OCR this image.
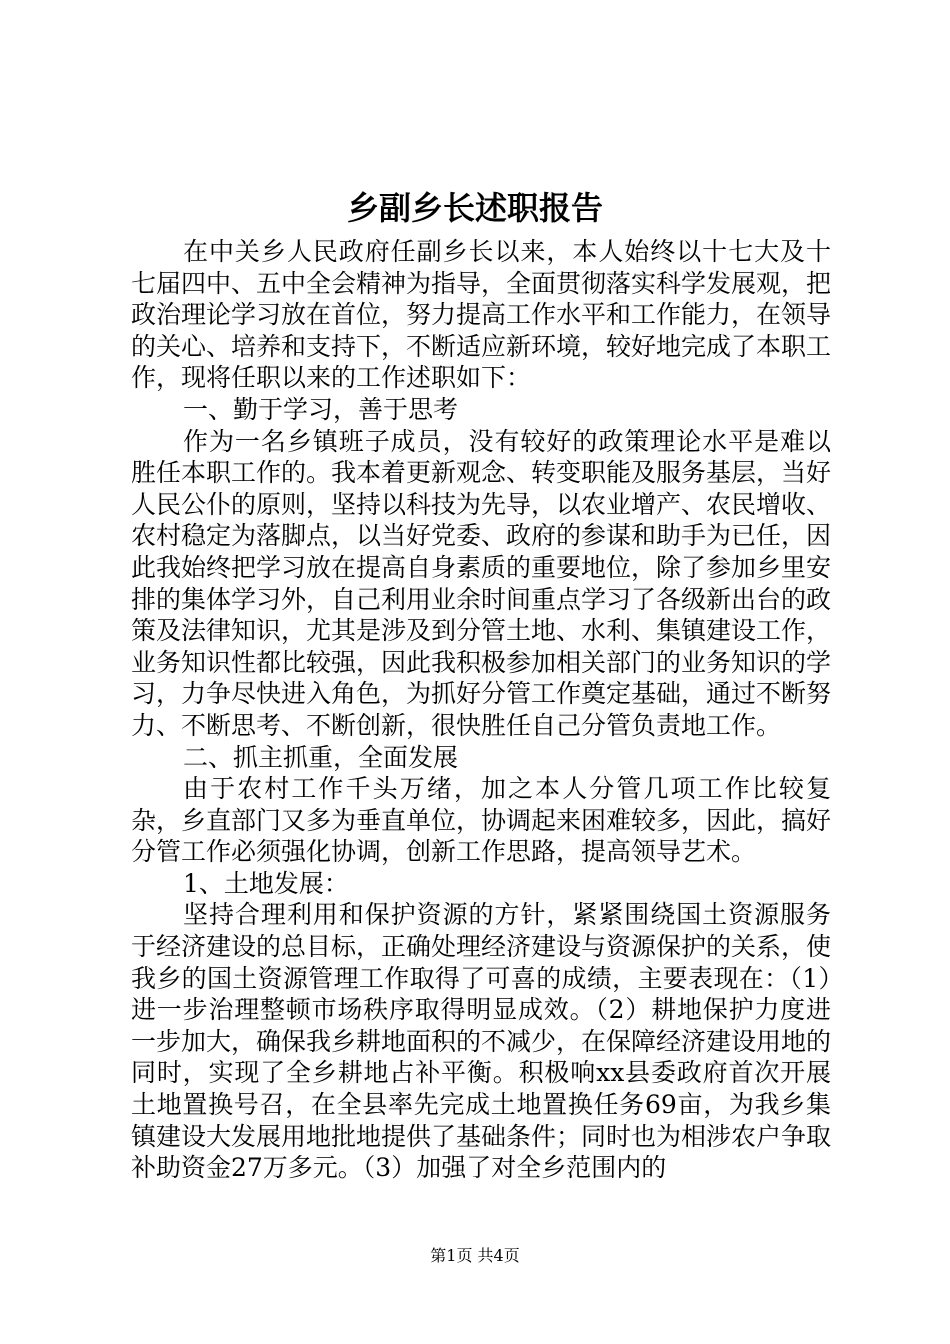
乡副乡长述职报告

在中关乡人民政府任副乡长以来，本人始终以十七大及十七届四中、五中全会精神为指导，全面贯彻落实科学发展观，把政治理论学习放在首位，努力提高工作水平和工作能力，在领导的关心、培养和支持下，不断适应新环境，较好地完成了本职工作，现将任职以来的工作述职如下：

一、勤于学习，善于思考

作为一名乡镇班子成员，没有较好的政策理论水平是难以胜任本职工作的。我本着更新观念、转变职能及服务基层，当好人民公仆的原则，坚持以科技为先导，以农业增产、农民增收、农村稳定为落脚点，以当好党委、政府的参谋和助手为已任，因此我始终把学习放在提高自身素质的重要地位，除了参加乡里安排的集体学习外，自己利用业余时间重点学习了各级新出台的政策及法律知识，尤其是涉及到分管土地、水利、集镇建设工作，业务知识性都比较强，因此我积极参加相关部门的业务知识的学习，力争尽快进入角色，为抓好分管工作奠定基础，通过不断努力、不断思考、不断创新，很快胜任自己分管负责地工作。

二、抓主抓重，全面发展

由于农村工作千头万绪，加之本人分管几项工作比较复杂，乡直部门又多为垂直单位，协调起来困难较多，因此，搞好分管工作必须强化协调，创新工作思路，提高领导艺术。

1、土地发展：

坚持合理利用和保护资源的方针，紧紧围绕国土资源服务于经济建设的总目标，正确处理经济建设与资源保护的关系，使我乡的国土资源管理工作取得了可喜的成绩，主要表现在：（1）进一步治理整顿市场秩序取得明显成效。（2）耕地保护力度进一步加大，确保我乡耕地面积的不减少，在保障经济建设用地的同时，实现了全乡耕地占补平衡。积极响xx县委政府首次开展土地置换号召，在全县率先完成土地置换任务69亩，为我乡集镇建设大发展用地批地提供了基础条件；同时也为相涉农户争取补助资金27万多元。（3）加强了对全乡范围内的

第1页 共4页
